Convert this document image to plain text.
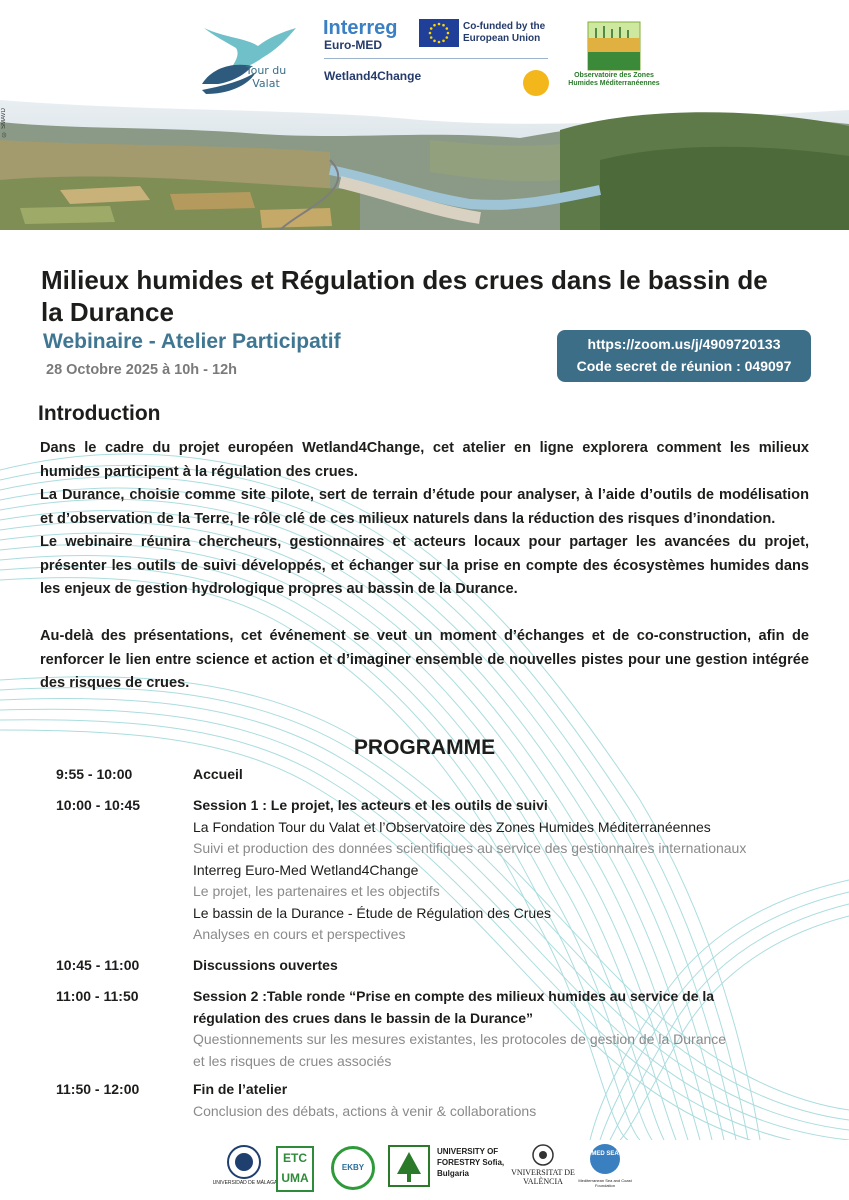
Tour du Valat
Interreg
Euro-MED
Co-funded by the European Union
Wetland4Change	Observatoire des Zones Humides Méditerranéennes
© SMAVD
Milieux humides et Régulation des crues dans le bassin de la Durance
Webinaire - Atelier Participatif
28 Octobre 2025 à 10h - 12h
https://zoom.us/j/4909720133
Code secret de réunion : 049097
Introduction

Dans le cadre du projet européen Wetland4Change, cet atelier en ligne explorera comment les milieux humides participent à la régulation des crues.

La Durance, choisie comme site pilote, sert de terrain d’étude pour analyser, à l’aide d’outils de modélisation et d’observation de la Terre, le rôle clé de ces milieux naturels dans la réduction des risques d’inondation.

Le webinaire réunira chercheurs, gestionnaires et acteurs locaux pour partager les avancées du projet, présenter les outils de suivi développés, et échanger sur la prise en compte des écosystèmes humides dans les enjeux de gestion hydrologique propres au bassin de la Durance.

Au-delà des présentations, cet événement se veut un moment d’échanges et de co-construction, afin de renforcer le lien entre science et action et d’imaginer ensemble de nouvelles pistes pour une gestion intégrée des risques de crues.

PROGRAMME
9:55 - 10:00	Accueil
10:00 - 10:45	Session 1 : Le projet, les acteurs et les outils de suivi
La Fondation Tour du Valat et l’Observatoire des Zones Humides Méditerranéennes
Suivi et production des données scientifiques au service des gestionnaires internationaux
Interreg Euro-Med Wetland4Change
Le projet, les partenaires et les objectifs
Le bassin de la Durance - Étude de Régulation des Crues
Analyses en cours et perspectives
10:45 - 11:00	Discussions ouvertes
11:00 - 11:50	Session 2 :Table ronde “Prise en compte des milieux humides au service de la régulation des crues dans le bassin de la Durance”
Questionnements sur les mesures existantes, les protocoles de gestion de la Durance
et les risques de crues associés
11:50 - 12:00	Fin de l’atelier
Conclusion des débats, actions à venir & collaborations
UNIVERSIDAD DE MÁLAGA
ETC UMA
EKBY
UNIVERSITY OF FORESTRY Sofia, Bulgaria	VNIVERSITAT DE VALÈNCIA
MED SEA
Mediterranean Sea and Coast Foundation
